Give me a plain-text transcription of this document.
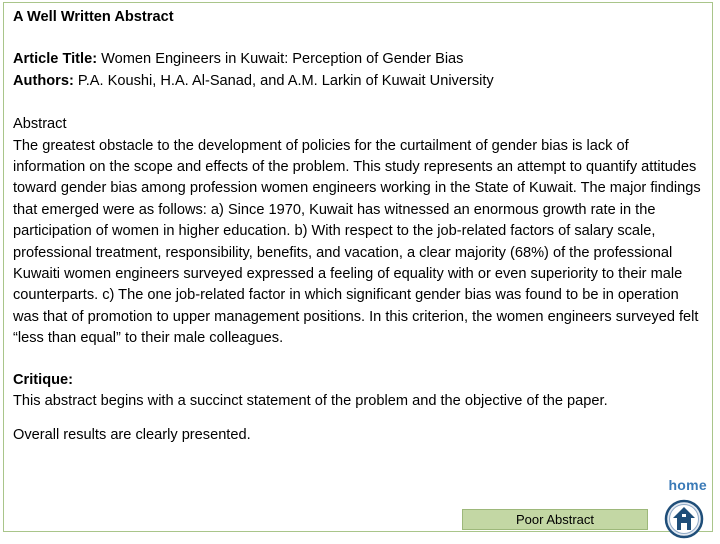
A Well Written Abstract

Article Title: Women Engineers in Kuwait: Perception of Gender Bias

Authors: P.A. Koushi, H.A. Al-Sanad, and A.M. Larkin of Kuwait University

Abstract

The greatest obstacle to the development of policies for the curtailment of gender bias is lack of information on the scope and effects of the problem. This study represents an attempt to quantify attitudes toward gender bias among profession women engineers working in the State of Kuwait. The major findings that emerged were as follows: a) Since 1970, Kuwait has witnessed an enormous growth rate in the participation of women in higher education. b) With respect to the job-related factors of salary scale, professional treatment, responsibility, benefits, and vacation, a clear majority (68%) of the professional Kuwaiti women engineers surveyed expressed a feeling of equality with or even superiority to their male counterparts. c) The one job-related factor in which significant gender bias was found to be in operation was that of promotion to upper management positions. In this criterion, the women engineers surveyed felt “less than equal” to their male colleagues.

Critique:

This abstract begins with a succinct statement of the problem and the objective of the paper.

Overall results are clearly presented.

home
Poor Abstract
